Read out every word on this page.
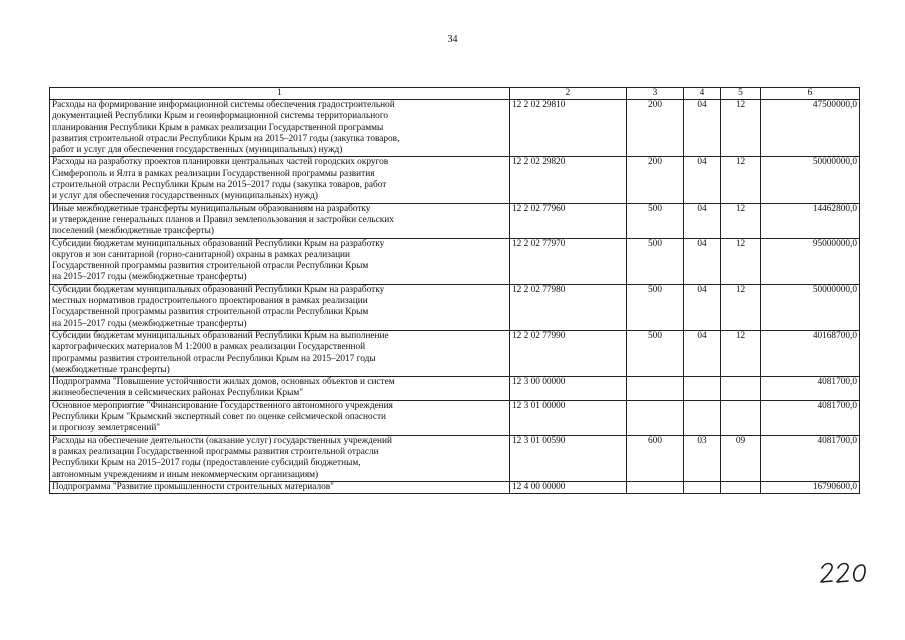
34
1	2	3	4	5	6
Расходы на формирование информационной системы обеспечения градостроительной
документацией Республики Крым и геоинформационной системы территориального
планирования Республики Крым в рамках реализации Государственной программы
развития строительной отрасли Республики Крым на 2015–2017 годы (закупка товаров,
работ и услуг для обеспечения государственных (муниципальных) нужд)	12 2 02 29810	200	04	12	47500000,0
Расходы на разработку проектов планировки центральных частей городских округов
Симферополь и Ялта в рамках реализации Государственной программы развития
строительной отрасли Республики Крым на 2015–2017 годы (закупка товаров, работ
и услуг для обеспечения государственных (муниципальных) нужд)	12 2 02 29820	200	04	12	50000000,0
Иные межбюджетные трансферты муниципальным образованиям на разработку
и утверждение генеральных планов и Правил землепользования и застройки сельских
поселений (межбюджетные трансферты)	12 2 02 77960	500	04	12	14462800,0
Субсидии бюджетам муниципальных образований Республики Крым на разработку
округов и зон санитарной (горно-санитарной) охраны в рамках реализации
Государственной программы развития строительной отрасли Республики Крым
на 2015–2017 годы (межбюджетные трансферты)	12 2 02 77970	500	04	12	95000000,0
Субсидии бюджетам муниципальных образований Республики Крым на разработку
местных нормативов градостроительного проектирования в рамках реализации
Государственной программы развития строительной отрасли Республики Крым
на 2015–2017 годы (межбюджетные трансферты)	12 2 02 77980	500	04	12	50000000,0
Субсидии бюджетам муниципальных образований Республики Крым на выполнение
картографических материалов М 1:2000 в рамках реализации Государственной
программы развития строительной отрасли Республики Крым на 2015–2017 годы
(межбюджетные трансферты)	12 2 02 77990	500	04	12	40168700,0
Подпрограмма "Повышение устойчивости жилых домов, основных объектов и систем
жизнеобеспечения в сейсмических районах Республики Крым"	12 3 00 00000				4081700,0
Основное мероприятие "Финансирование Государственного автономного учреждения
Республики Крым "Крымский экспертный совет по оценке сейсмической опасности
и прогнозу землетрясений"	12 3 01 00000				4081700,0
Расходы на обеспечение деятельности (оказание услуг) государственных учреждений
в рамках реализации Государственной программы развития строительной отрасли
Республики Крым на 2015–2017 годы (предоставление субсидий бюджетным,
автономным учреждениям и иным некоммерческим организациям)	12 3 01 00590	600	03	09	4081700,0
Подпрограмма "Развитие промышленности строительных материалов"	12 4 00 00000				16790600,0
